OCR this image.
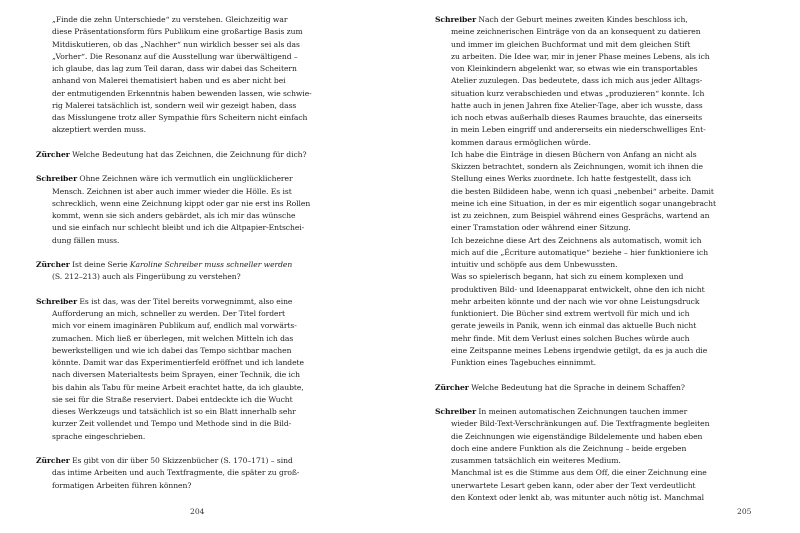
„Finde die zehn Unterschiede“ zu verstehen. Gleichzeitig war
diese Präsentationsform fürs Publikum eine großartige Basis zum
Mitdiskutieren, ob das „Nachher“ nun wirklich besser sei als das
„Vorher“. Die Resonanz auf die Ausstellung war überwältigend –
ich glaube, das lag zum Teil daran, dass wir dabei das Scheitern
anhand von Malerei thematisiert haben und es aber nicht bei
der entmutigenden Erkenntnis haben bewenden lassen, wie schwie-
rig Malerei tatsächlich ist, sondern weil wir gezeigt haben, dass
das Misslungene trotz aller Sympathie fürs Scheitern nicht einfach
akzeptiert werden muss.
Zürcher Welche Bedeutung hat das Zeichnen, die Zeichnung für dich?
Schreiber Ohne Zeichnen wäre ich vermutlich ein unglücklicherer
Mensch. Zeichnen ist aber auch immer wieder die Hölle. Es ist
schrecklich, wenn eine Zeichnung kippt oder gar nie erst ins Rollen
kommt, wenn sie sich anders gebärdet, als ich mir das wünsche
und sie einfach nur schlecht bleibt und ich die Altpapier-Entschei-
dung fällen muss.
Zürcher Ist deine Serie Karoline Schreiber muss schneller werden
(S. 212–213) auch als Fingerübung zu verstehen?
Schreiber Es ist das, was der Titel bereits vorwegnimmt, also eine
Aufforderung an mich, schneller zu werden. Der Titel fordert
mich vor einem imaginären Publikum auf, endlich mal vorwärts-
zumachen. Mich ließ er überlegen, mit welchen Mitteln ich das
bewerkstelligen und wie ich dabei das Tempo sichtbar machen
könnte. Damit war das Experimentierfeld eröffnet und ich landete
nach diversen Materialtests beim Sprayen, einer Technik, die ich
bis dahin als Tabu für meine Arbeit erachtet hatte, da ich glaubte,
sie sei für die Straße reserviert. Dabei entdeckte ich die Wucht
dieses Werkzeugs und tatsächlich ist so ein Blatt innerhalb sehr
kurzer Zeit vollendet und Tempo und Methode sind in die Bild-
sprache eingeschrieben.
Zürcher Es gibt von dir über 50 Skizzenbücher (S. 170–171) – sind
das intime Arbeiten und auch Textfragmente, die später zu groß-
formatigen Arbeiten führen können?
204
Schreiber Nach der Geburt meines zweiten Kindes beschloss ich,
meine zeichnerischen Einträge von da an konsequent zu datieren
und immer im gleichen Buchformat und mit dem gleichen Stift
zu arbeiten. Die Idee war, mir in jener Phase meines Lebens, als ich
von Kleinkindern abgelenkt war, so etwas wie ein transportables
Atelier zuzulegen. Das bedeutete, dass ich mich aus jeder Alltags-
situation kurz verabschieden und etwas „produzieren“ konnte. Ich
hatte auch in jenen Jahren fixe Atelier-Tage, aber ich wusste, dass
ich noch etwas außerhalb dieses Raumes brauchte, das einerseits
in mein Leben eingriff und andererseits ein niederschwelliges Ent-
kommen daraus ermöglichen würde.
Ich habe die Einträge in diesen Büchern von Anfang an nicht als
Skizzen betrachtet, sondern als Zeichnungen, womit ich ihnen die
Stellung eines Werks zuordnete. Ich hatte festgestellt, dass ich
die besten Bildideen habe, wenn ich quasi „nebenbei“ arbeite. Damit
meine ich eine Situation, in der es mir eigentlich sogar unangebracht
ist zu zeichnen, zum Beispiel während eines Gesprächs, wartend an
einer Tramstation oder während einer Sitzung.
Ich bezeichne diese Art des Zeichnens als automatisch, womit ich
mich auf die „Écriture automatique“ beziehe – hier funktioniere ich
intuitiv und schöpfe aus dem Unbewussten.
Was so spielerisch begann, hat sich zu einem komplexen und
produktiven Bild- und Ideenapparat entwickelt, ohne den ich nicht
mehr arbeiten könnte und der nach wie vor ohne Leistungsdruck
funktioniert. Die Bücher sind extrem wertvoll für mich und ich
gerate jeweils in Panik, wenn ich einmal das aktuelle Buch nicht
mehr finde. Mit dem Verlust eines solchen Buches würde auch
eine Zeitspanne meines Lebens irgendwie getilgt, da es ja auch die
Funktion eines Tagebuches einnimmt.
Zürcher Welche Bedeutung hat die Sprache in deinem Schaffen?
Schreiber In meinen automatischen Zeichnungen tauchen immer
wieder Bild-Text-Verschränkungen auf. Die Textfragmente begleiten
die Zeichnungen wie eigenständige Bildelemente und haben eben
doch eine andere Funktion als die Zeichnung – beide ergeben
zusammen tatsächlich ein weiteres Medium.
Manchmal ist es die Stimme aus dem Off, die einer Zeichnung eine
unerwartete Lesart geben kann, oder aber der Text verdeutlicht
den Kontext oder lenkt ab, was mitunter auch nötig ist. Manchmal
205
